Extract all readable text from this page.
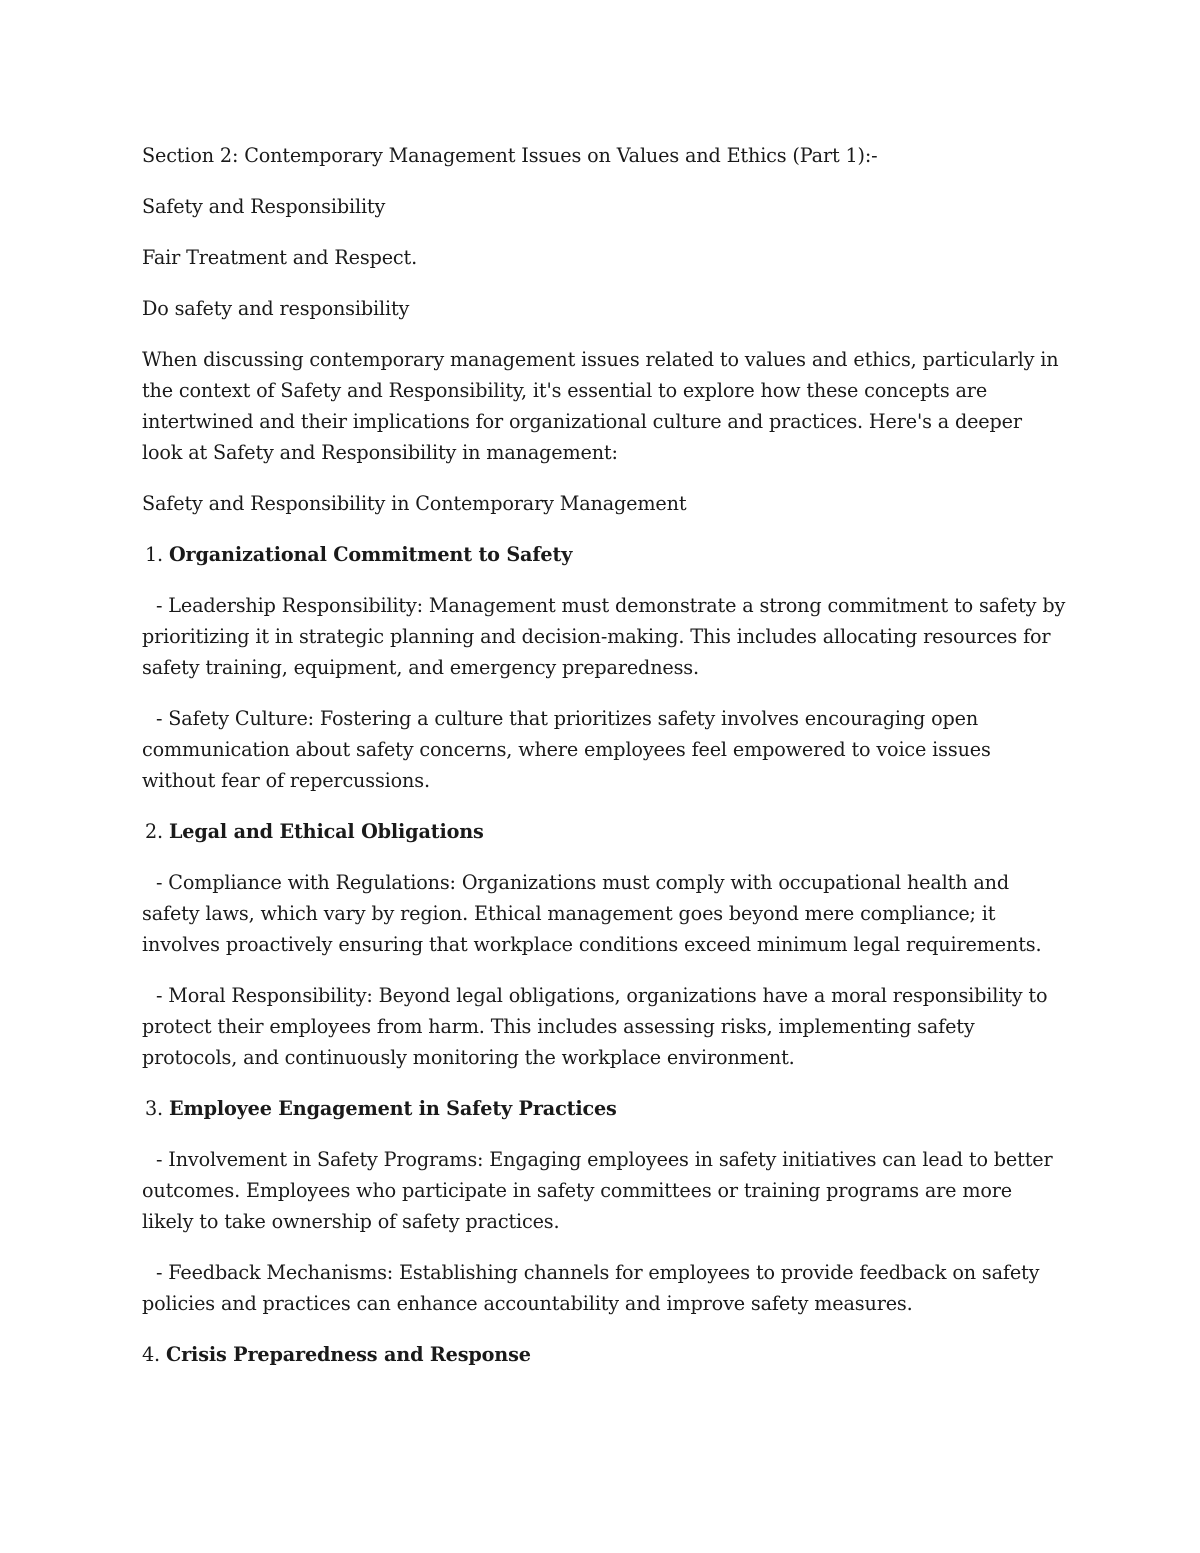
Section 2: Contemporary Management Issues on Values and Ethics (Part 1):-

Safety and Responsibility

Fair Treatment and Respect.

Do safety and responsibility

When discussing contemporary management issues related to values and ethics, particularly in the context of Safety and Responsibility, it's essential to explore how these concepts are intertwined and their implications for organizational culture and practices. Here's a deeper look at Safety and Responsibility in management:

Safety and Responsibility in Contemporary Management

1. Organizational Commitment to Safety

- Leadership Responsibility: Management must demonstrate a strong commitment to safety by prioritizing it in strategic planning and decision-making. This includes allocating resources for safety training, equipment, and emergency preparedness.

- Safety Culture: Fostering a culture that prioritizes safety involves encouraging open communication about safety concerns, where employees feel empowered to voice issues without fear of repercussions.

2. Legal and Ethical Obligations

- Compliance with Regulations: Organizations must comply with occupational health and safety laws, which vary by region. Ethical management goes beyond mere compliance; it involves proactively ensuring that workplace conditions exceed minimum legal requirements.

- Moral Responsibility: Beyond legal obligations, organizations have a moral responsibility to protect their employees from harm. This includes assessing risks, implementing safety protocols, and continuously monitoring the workplace environment.

3. Employee Engagement in Safety Practices

- Involvement in Safety Programs: Engaging employees in safety initiatives can lead to better outcomes. Employees who participate in safety committees or training programs are more likely to take ownership of safety practices.

- Feedback Mechanisms: Establishing channels for employees to provide feedback on safety policies and practices can enhance accountability and improve safety measures.

4. Crisis Preparedness and Response
